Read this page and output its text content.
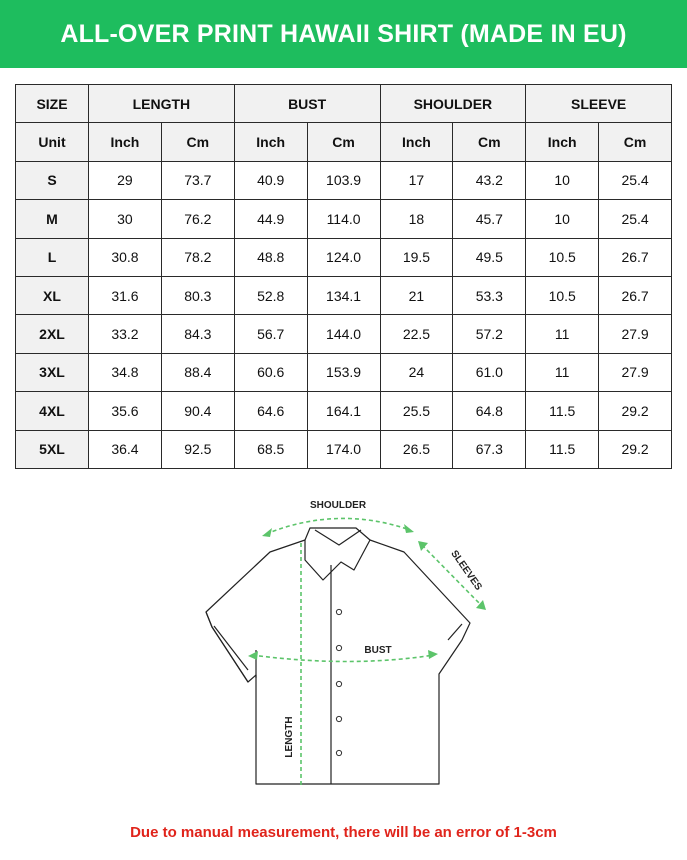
ALL-OVER PRINT HAWAII SHIRT (MADE IN EU)
SIZE	LENGTH		BUST		SHOULDER		SLEEVE	
Unit	Inch	Cm	Inch	Cm	Inch	Cm	Inch	Cm
S	29	73.7	40.9	103.9	17	43.2	10	25.4
M	30	76.2	44.9	114.0	18	45.7	10	25.4
L	30.8	78.2	48.8	124.0	19.5	49.5	10.5	26.7
XL	31.6	80.3	52.8	134.1	21	53.3	10.5	26.7
2XL	33.2	84.3	56.7	144.0	22.5	57.2	11	27.9
3XL	34.8	88.4	60.6	153.9	24	61.0	11	27.9
4XL	35.6	90.4	64.6	164.1	25.5	64.8	11.5	29.2
5XL	36.4	92.5	68.5	174.0	26.5	67.3	11.5	29.2
SHOULDER
SLEEVES
BUST
LENGTH
Due to manual measurement, there will be an error of 1-3cm
